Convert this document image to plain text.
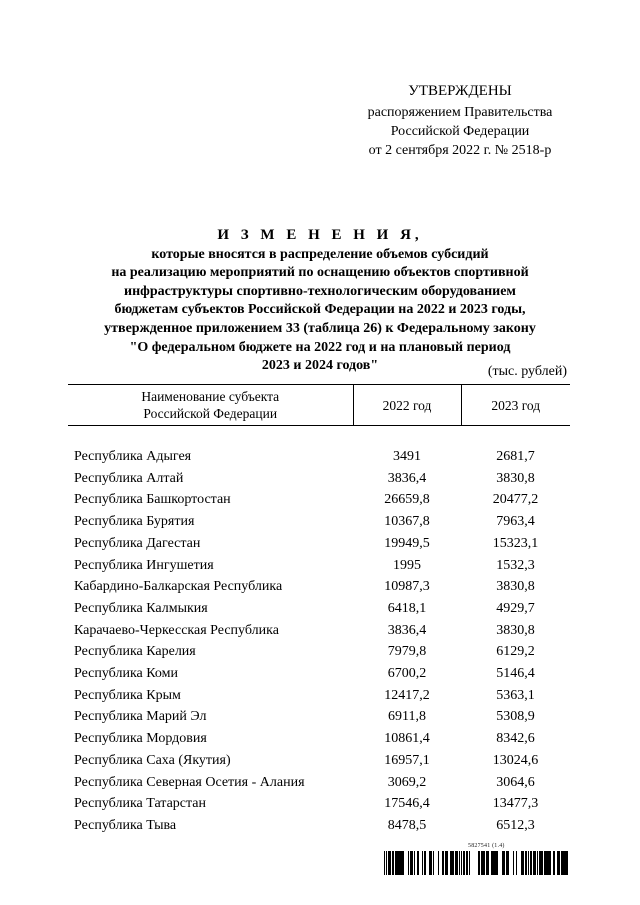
УТВЕРЖДЕНЫ
распоряжением Правительства
Российской Федерации
от 2 сентября 2022 г. № 2518-р
И З М Е Н Е Н И Я,
которые вносятся в распределение объемов субсидий
на реализацию мероприятий по оснащению объектов спортивной
инфраструктуры спортивно-технологическим оборудованием
бюджетам субъектов Российской Федерации на 2022 и 2023 годы,
утвержденное приложением 33 (таблица 26) к Федеральному закону
"О федеральном бюджете на 2022 год и на плановый период
2023 и 2024 годов"	(тыс. рублей)
Наименование субъекта
Российской Федерации	2022 год	2023 год

Республика Адыгея	3491	2681,7
Республика Алтай	3836,4	3830,8
Республика Башкортостан	26659,8	20477,2
Республика Бурятия	10367,8	7963,4
Республика Дагестан	19949,5	15323,1
Республика Ингушетия	1995	1532,3
Кабардино-Балкарская Республика	10987,3	3830,8
Республика Калмыкия	6418,1	4929,7
Карачаево-Черкесская Республика	3836,4	3830,8
Республика Карелия	7979,8	6129,2
Республика Коми	6700,2	5146,4
Республика Крым	12417,2	5363,1
Республика Марий Эл	6911,8	5308,9
Республика Мордовия	10861,4	8342,6
Республика Саха (Якутия)	16957,1	13024,6
Республика Северная Осетия - Алания	3069,2	3064,6
Республика Татарстан	17546,4	13477,3
Республика Тыва	8478,5	6512,3
5827541 (1.4)
